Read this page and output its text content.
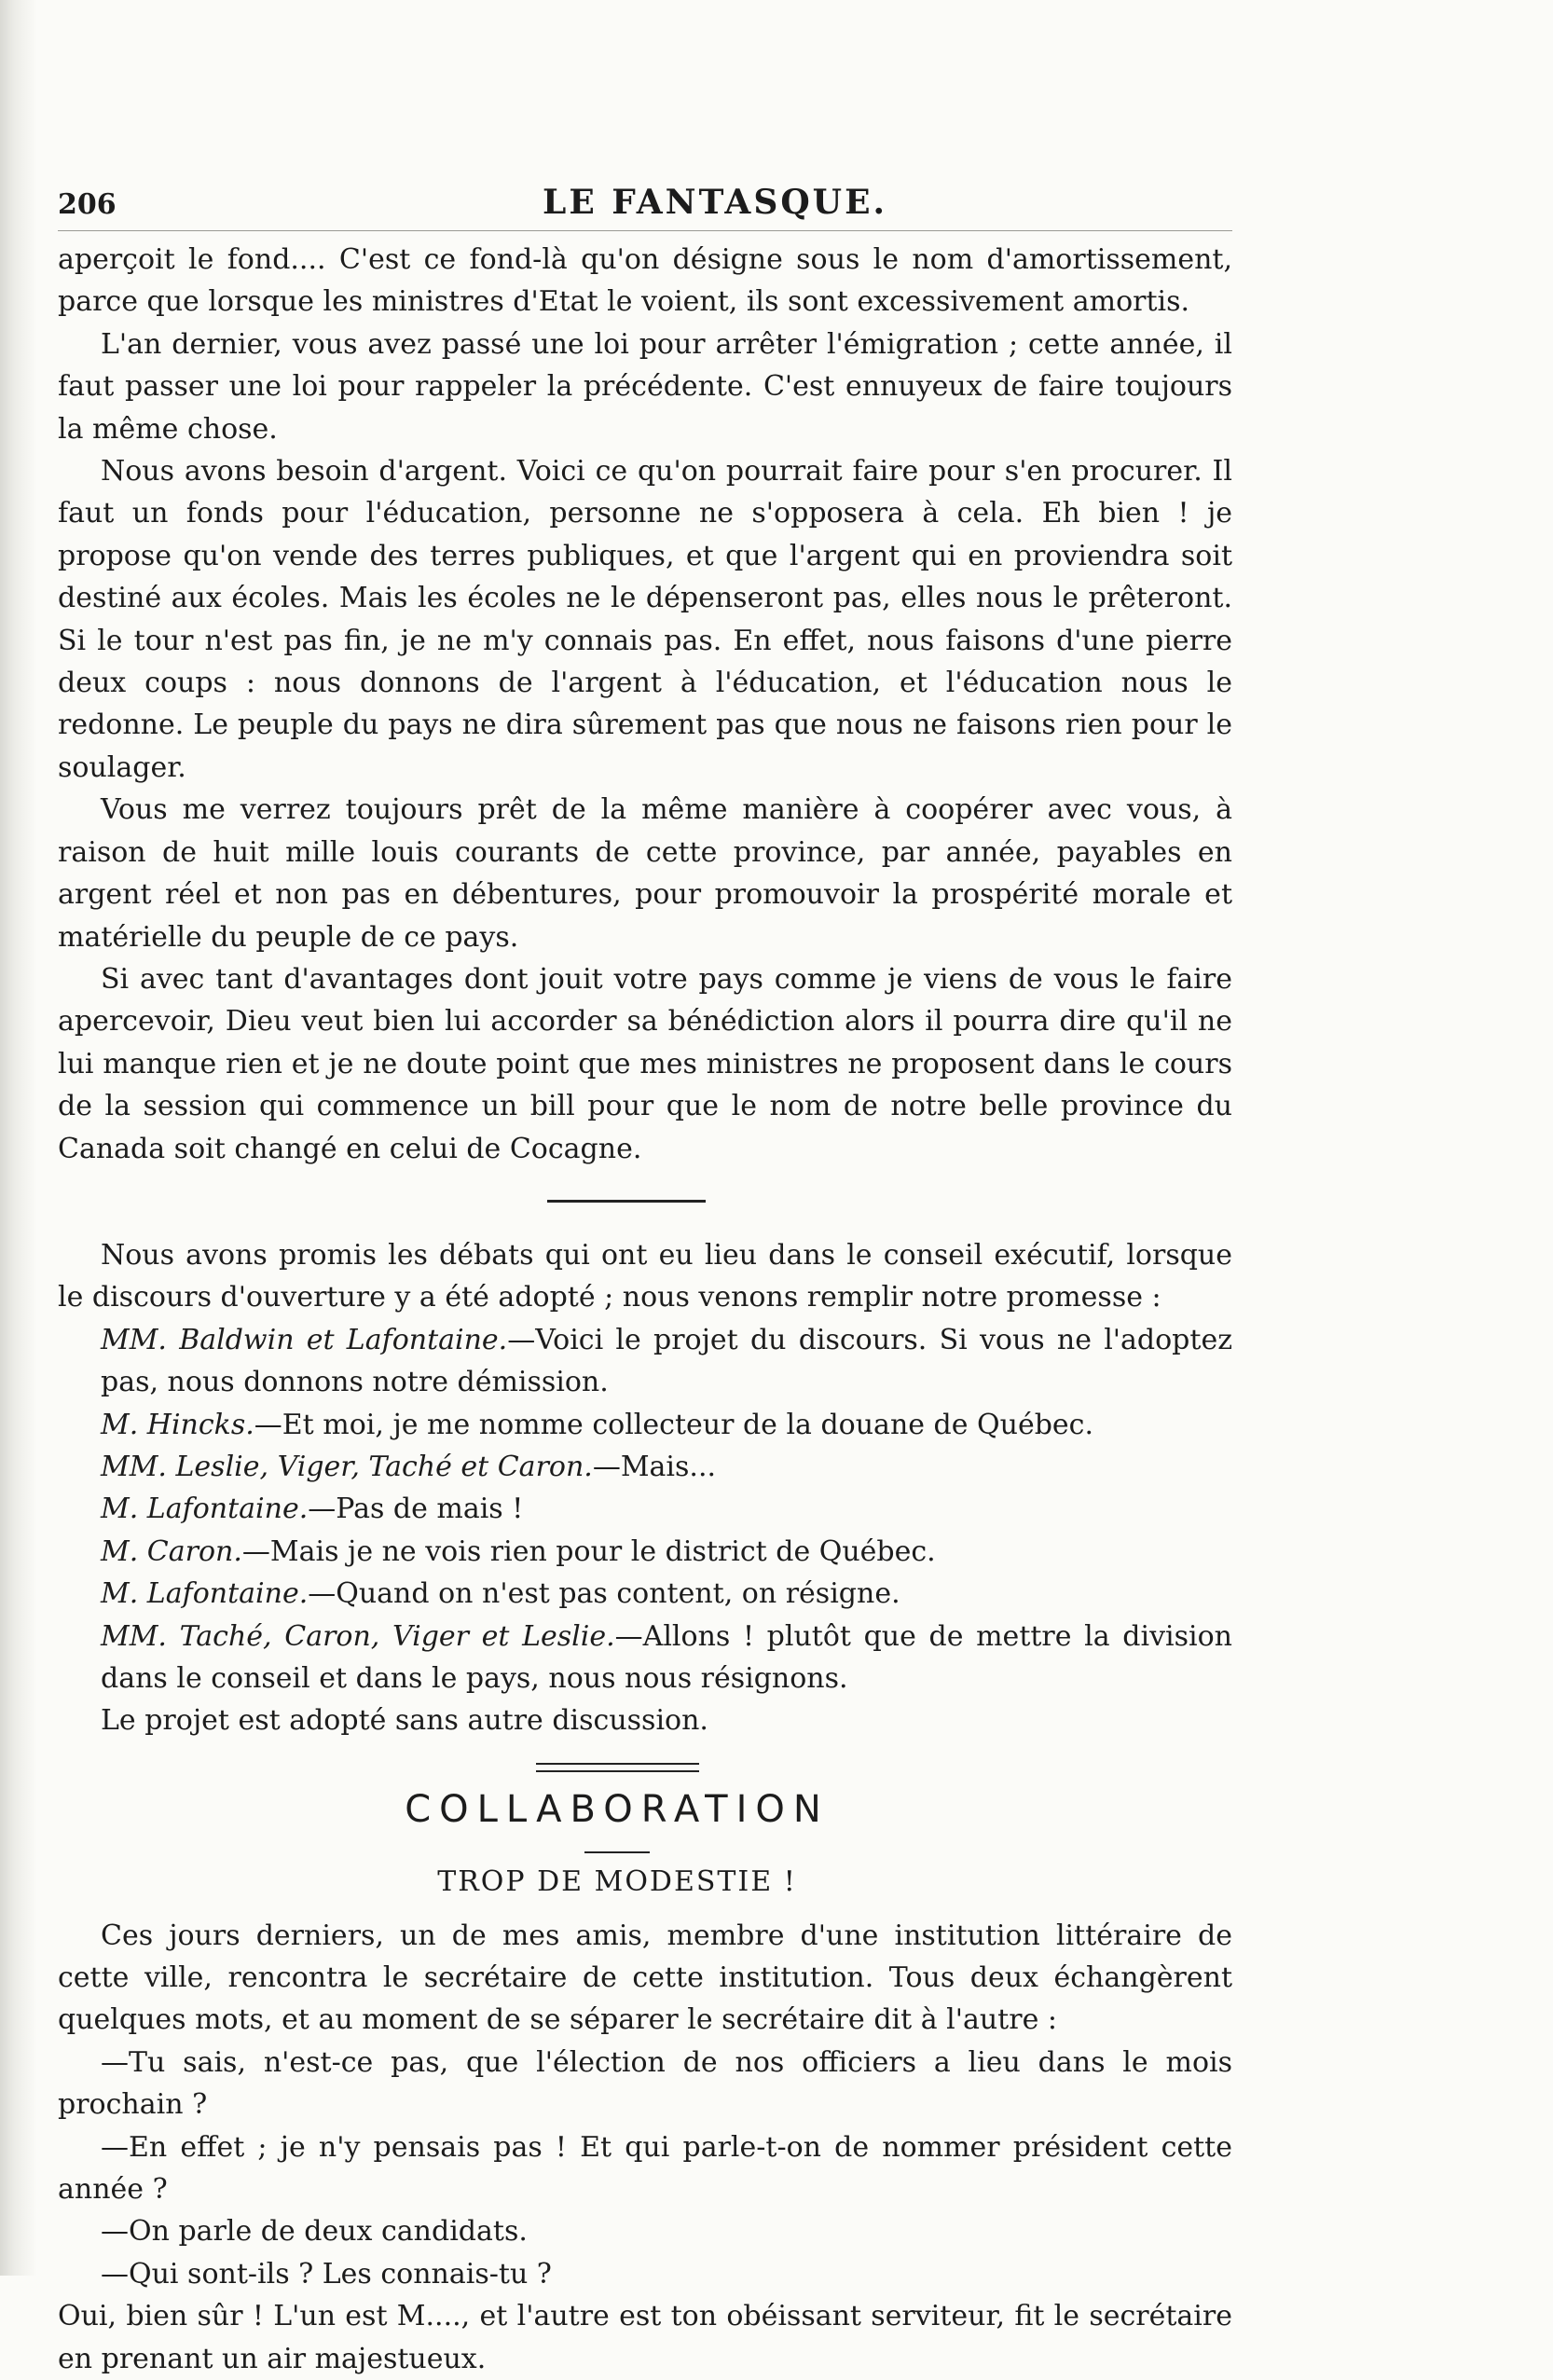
206	LE FANTASQUE.

aperçoit le fond.... C'est ce fond-là qu'on désigne sous le nom d'amortissement, parce que lorsque les ministres d'Etat le voient, ils sont excessivement amortis.

L'an dernier, vous avez passé une loi pour arrêter l'émigration ; cette année, il faut passer une loi pour rappeler la précédente. C'est ennuyeux de faire toujours la même chose.

Nous avons besoin d'argent. Voici ce qu'on pourrait faire pour s'en procurer. Il faut un fonds pour l'éducation, personne ne s'opposera à cela. Eh bien ! je propose qu'on vende des terres publiques, et que l'argent qui en proviendra soit destiné aux écoles. Mais les écoles ne le dépenseront pas, elles nous le prêteront. Si le tour n'est pas fin, je ne m'y connais pas. En effet, nous faisons d'une pierre deux coups : nous donnons de l'argent à l'éducation, et l'éducation nous le redonne. Le peuple du pays ne dira sûrement pas que nous ne faisons rien pour le soulager.

Vous me verrez toujours prêt de la même manière à coopérer avec vous, à raison de huit mille louis courants de cette province, par année, payables en argent réel et non pas en débentures, pour promouvoir la prospérité morale et matérielle du peuple de ce pays.

Si avec tant d'avantages dont jouit votre pays comme je viens de vous le faire apercevoir, Dieu veut bien lui accorder sa bénédiction alors il pourra dire qu'il ne lui manque rien et je ne doute point que mes ministres ne proposent dans le cours de la session qui commence un bill pour que le nom de notre belle province du Canada soit changé en celui de Cocagne.

Nous avons promis les débats qui ont eu lieu dans le conseil exécutif, lorsque le discours d'ouverture y a été adopté ; nous venons remplir notre promesse :

MM. Baldwin et Lafontaine.—Voici le projet du discours. Si vous ne l'adoptez pas, nous donnons notre démission.

M. Hincks.—Et moi, je me nomme collecteur de la douane de Québec.

MM. Leslie, Viger, Taché et Caron.—Mais...

M. Lafontaine.—Pas de mais !

M. Caron.—Mais je ne vois rien pour le district de Québec.

M. Lafontaine.—Quand on n'est pas content, on résigne.

MM. Taché, Caron, Viger et Leslie.—Allons ! plutôt que de mettre la division dans le conseil et dans le pays, nous nous résignons.

Le projet est adopté sans autre discussion.

COLLABORATION
TROP DE MODESTIE !

Ces jours derniers, un de mes amis, membre d'une institution littéraire de cette ville, rencontra le secrétaire de cette institution. Tous deux échangèrent quelques mots, et au moment de se séparer le secrétaire dit à l'autre :

—Tu sais, n'est-ce pas, que l'élection de nos officiers a lieu dans le mois prochain ?

—En effet ; je n'y pensais pas ! Et qui parle-t-on de nommer président cette année ?

—On parle de deux candidats.

—Qui sont-ils ? Les connais-tu ?

Oui, bien sûr ! L'un est M...., et l'autre est ton obéissant serviteur, fit le secrétaire en prenant un air majestueux.
